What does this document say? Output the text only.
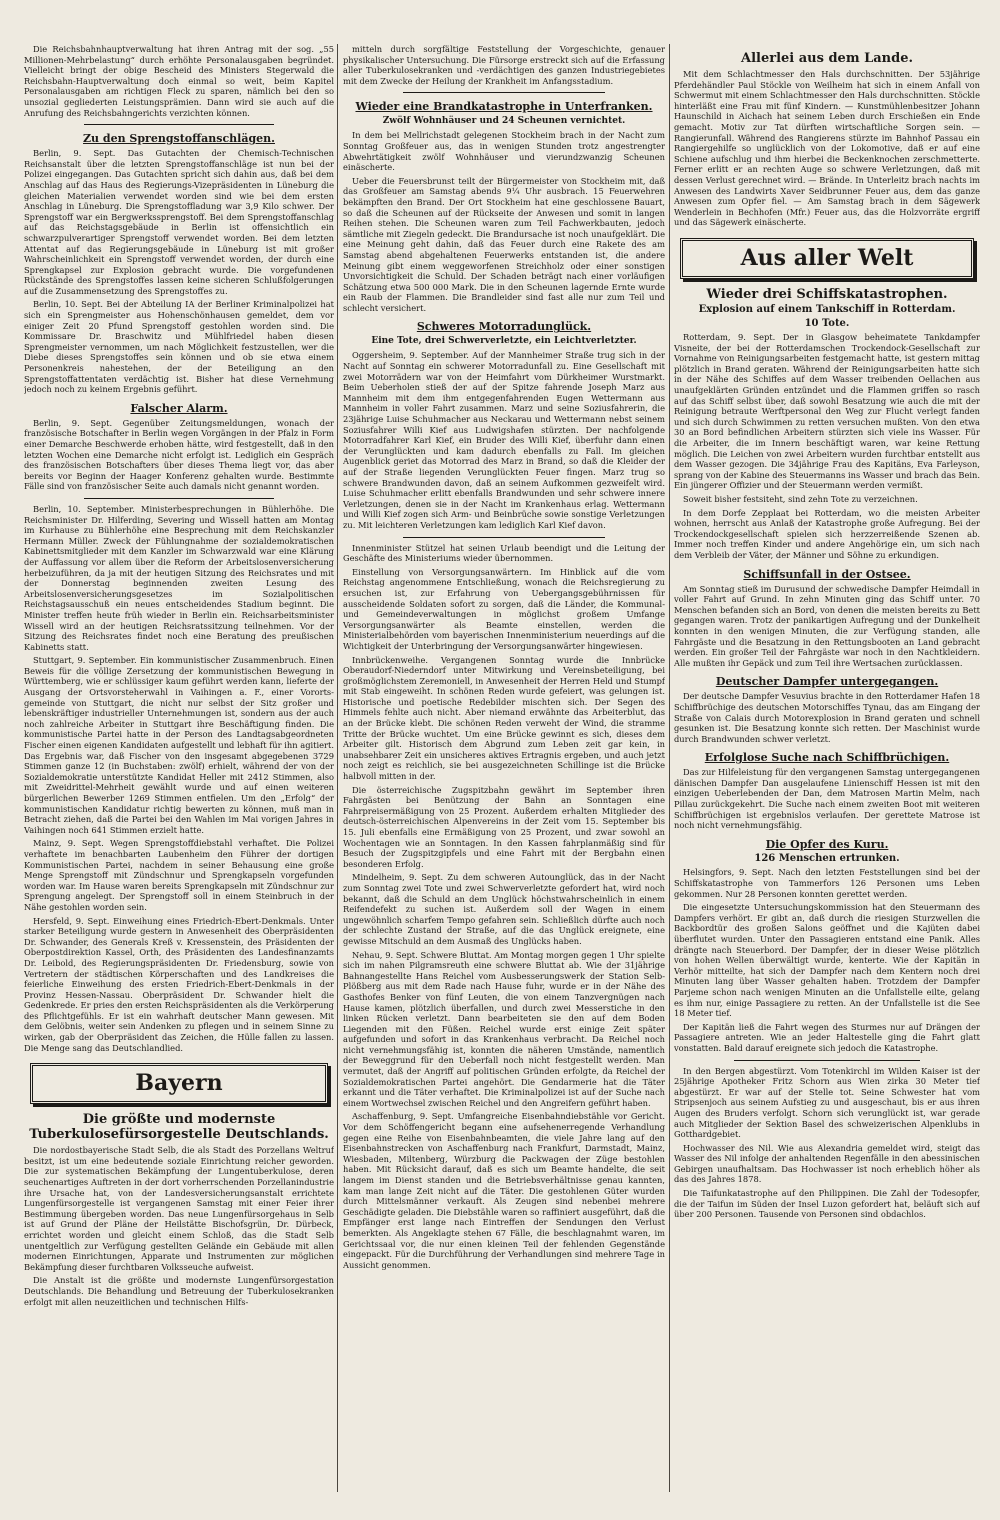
Die Reichsbahnhauptverwaltung hat ihren Antrag mit der sog. „55 Millionen-Mehrbelastung“ durch erhöhte Personalausgaben begründet. Vielleicht bringt der obige Bescheid des Ministers Stegerwald die Reichsbahn-Hauptverwaltung doch einmal so weit, beim Kapitel Personalausgaben am richtigen Fleck zu sparen, nämlich bei den so unsozial gegliederten Leistungsprämien. Dann wird sie auch auf die Anrufung des Reichsbahngerichts verzichten können.

Zu den Sprengstoffanschlägen.

Berlin, 9. Sept. Das Gutachten der Chemisch-Technischen Reichsanstalt über die letzten Sprengstoffanschläge ist nun bei der Polizei eingegangen. Das Gutachten spricht sich dahin aus, daß bei dem Anschlag auf das Haus des Regierungs-Vizepräsidenten in Lüneburg die gleichen Materialien verwendet worden sind wie bei dem ersten Anschlag in Lüneburg. Die Sprengstoffladung war 3,9 Kilo schwer. Der Sprengstoff war ein Bergwerkssprengstoff. Bei dem Sprengstoffanschlag auf das Reichstagsgebäude in Berlin ist offensichtlich ein schwarzpulverartiger Sprengstoff verwendet worden. Bei dem letzten Attentat auf das Regierungsgebäude in Lüneburg ist mit großer Wahrscheinlichkeit ein Sprengstoff verwendet worden, der durch eine Sprengkapsel zur Explosion gebracht wurde. Die vorgefundenen Rückstände des Sprengstoffes lassen keine sicheren Schlußfolgerungen auf die Zusammensetzung des Sprengstoffes zu.

Berlin, 10. Sept. Bei der Abteilung IA der Berliner Kriminalpolizei hat sich ein Sprengmeister aus Hohenschönhausen gemeldet, dem vor einiger Zeit 20 Pfund Sprengstoff gestohlen worden sind. Die Kommissare Dr. Braschwitz und Mühlfriedel haben diesen Sprengmeister vernommen, um nach Möglichkeit festzustellen, wer die Diebe dieses Sprengstoffes sein können und ob sie etwa einem Personenkreis nahestehen, der der Beteiligung an den Sprengstoffattentaten verdächtig ist. Bisher hat diese Vernehmung jedoch noch zu keinem Ergebnis geführt.

Falscher Alarm.

Berlin, 9. Sept. Gegenüber Zeitungsmeldungen, wonach der französische Botschafter in Berlin wegen Vorgängen in der Pfalz in Form einer Demarche Beschwerde erhoben hätte, wird festgestellt, daß in den letzten Wochen eine Demarche nicht erfolgt ist. Lediglich ein Gespräch des französischen Botschafters über dieses Thema liegt vor, das aber bereits vor Beginn der Haager Konferenz gehalten wurde. Bestimmte Fälle sind von französischer Seite auch damals nicht genannt worden.

Berlin, 10. September. Ministerbesprechungen in Bühlerhöhe. Die Reichsminister Dr. Hilferding, Severing und Wissell hatten am Montag im Kurhause zu Bühlerhöhe eine Besprechung mit dem Reichskanzler Hermann Müller. Zweck der Fühlungnahme der sozialdemokratischen Kabinettsmitglieder mit dem Kanzler im Schwarzwald war eine Klärung der Auffassung vor allem über die Reform der Arbeitslosenversicherung herbeizuführen, da ja mit der heutigen Sitzung des Reichsrates und mit der Donnerstag beginnenden zweiten Lesung des Arbeitslosenversicherungsgesetzes im Sozialpolitischen Reichstagsausschuß ein neues entscheidendes Stadium beginnt. Die Minister treffen heute früh wieder in Berlin ein. Reichsarbeitsminister Wissell wird an der heutigen Reichsratssitzung teilnehmen. Vor der Sitzung des Reichsrates findet noch eine Beratung des preußischen Kabinetts statt.

Stuttgart, 9. September. Ein kommunistischer Zusammenbruch. Einen Beweis für die völlige Zersetzung der kommunistischen Bewegung in Württemberg, wie er schlüssiger kaum geführt werden kann, lieferte der Ausgang der Ortsvorsteherwahl in Vaihingen a. F., einer Vororts-gemeinde von Stuttgart, die nicht nur selbst der Sitz großer und lebenskräftiger industrieller Unternehmungen ist, sondern aus der auch noch zahlreiche Arbeiter in Stuttgart ihre Beschäftigung finden. Die kommunistische Partei hatte in der Person des Landtagsabgeordneten Fischer einen eigenen Kandidaten aufgestellt und lebhaft für ihn agitiert. Das Ergebnis war, daß Fischer von den insgesamt abgegebenen 3729 Stimmen ganze 12 (in Buchstaben: zwölf) erhielt, während der von der Sozialdemokratie unterstützte Kandidat Heller mit 2412 Stimmen, also mit Zweidrittel-Mehrheit gewählt wurde und auf einen weiteren bürgerlichen Bewerber 1269 Stimmen entfielen. Um den „Erfolg“ der kommunistischen Kandidatur richtig bewerten zu können, muß man in Betracht ziehen, daß die Partei bei den Wahlen im Mai vorigen Jahres in Vaihingen noch 641 Stimmen erzielt hatte.

Mainz, 9. Sept. Wegen Sprengstoffdiebstahl verhaftet. Die Polizei verhaftete im benachbarten Laubenheim den Führer der dortigen Kommunistischen Partei, nachdem in seiner Behausung eine große Menge Sprengstoff mit Zündschnur und Sprengkapseln vorgefunden worden war. Im Hause waren bereits Sprengkapseln mit Zündschnur zur Sprengung angelegt. Der Sprengstoff soll in einem Steinbruch in der Nähe gestohlen worden sein.

Hersfeld, 9. Sept. Einweihung eines Friedrich-Ebert-Denkmals. Unter starker Beteiligung wurde gestern in Anwesenheit des Oberpräsidenten Dr. Schwander, des Generals Kreß v. Kressenstein, des Präsidenten der Oberpostdirektion Kassel, Orth, des Präsidenten des Landesfinanzamts Dr. Leibold, des Regierungspräsidenten Dr. Friedensburg, sowie von Vertretern der städtischen Körperschaften und des Landkreises die feierliche Einweihung des ersten Friedrich-Ebert-Denkmals in der Provinz Hessen-Nassau. Oberpräsident Dr. Schwander hielt die Gedenkrede. Er pries den ersten Reichspräsidenten als die Verkörperung des Pflichtgefühls. Er ist ein wahrhaft deutscher Mann gewesen. Mit dem Gelöbnis, weiter sein Andenken zu pflegen und in seinem Sinne zu wirken, gab der Oberpräsident das Zeichen, die Hülle fallen zu lassen. Die Menge sang das Deutschlandlied.

Bayern
Die größte und modernste Tuberkulosefürsorgestelle Deutschlands.

Die nordostbayerische Stadt Selb, die als Stadt des Porzellans Weltruf besitzt, ist um eine bedeutende soziale Einrichtung reicher geworden. Die zur systematischen Bekämpfung der Lungentuberkulose, deren seuchenartiges Auftreten in der dort vorherrschenden Porzellanindustrie ihre Ursache hat, von der Landesversicherungsanstalt errichtete Lungenfürsorgestelle ist vergangenen Samstag mit einer Feier ihrer Bestimmung übergeben worden. Das neue Lungenfürsorgehaus in Selb ist auf Grund der Pläne der Heilstätte Bischofsgrün, Dr. Dürbeck, errichtet worden und gleicht einem Schloß, das die Stadt Selb unentgeltlich zur Verfügung gestellten Gelände ein Gebäude mit allen modernen Einrichtungen, Apparate und Instrumenten zur möglichen Bekämpfung dieser furchtbaren Volksseuche aufweist.

Die Anstalt ist die größte und modernste Lungenfürsorgestation Deutschlands. Die Behandlung und Betreuung der Tuberkulosekranken erfolgt mit allen neuzeitlichen und technischen Hilfs-

mitteln durch sorgfältige Feststellung der Vorgeschichte, genauer physikalischer Untersuchung. Die Fürsorge erstreckt sich auf die Erfassung aller Tuberkulosekranken und -verdächtigen des ganzen Industriegebietes mit dem Zwecke der Heilung der Krankheit im Anfangsstadium.

Wieder eine Brandkatastrophe in Unterfranken.
Zwölf Wohnhäuser und 24 Scheunen vernichtet.

In dem bei Mellrichstadt gelegenen Stockheim brach in der Nacht zum Sonntag Großfeuer aus, das in wenigen Stunden trotz angestrengter Abwehrtätigkeit zwölf Wohnhäuser und vierundzwanzig Scheunen einäscherte.

Ueber die Feuersbrunst teilt der Bürgermeister von Stockheim mit, daß das Großfeuer am Samstag abends 9¼ Uhr ausbrach. 15 Feuerwehren bekämpften den Brand. Der Ort Stockheim hat eine geschlossene Bauart, so daß die Scheunen auf der Rückseite der Anwesen und somit in langen Reihen stehen. Die Scheunen waren zum Teil Fachwerkbauten, jedoch sämtliche mit Ziegeln gedeckt. Die Brandursache ist noch unaufgeklärt. Die eine Meinung geht dahin, daß das Feuer durch eine Rakete des am Samstag abend abgehaltenen Feuerwerks entstanden ist, die andere Meinung gibt einem weggeworfenen Streichholz oder einer sonstigen Unvorsichtigkeit die Schuld. Der Schaden beträgt nach einer vorläufigen Schätzung etwa 500 000 Mark. Die in den Scheunen lagernde Ernte wurde ein Raub der Flammen. Die Brandleider sind fast alle nur zum Teil und schlecht versichert.

Schweres Motorradunglück.
Eine Tote, drei Schwerverletzte, ein Leichtverletzter.

Oggersheim, 9. September. Auf der Mannheimer Straße trug sich in der Nacht auf Sonntag ein schwerer Motorradunfall zu. Eine Gesellschaft mit zwei Motorrädern war von der Heimfahrt vom Dürkheimer Wurstmarkt. Beim Ueberholen stieß der auf der Spitze fahrende Joseph Marz aus Mannheim mit dem ihm entgegenfahrenden Eugen Wettermann aus Mannheim in voller Fahrt zusammen. Marz und seine Soziusfahrerin, die 23jährige Luise Schuhmacher aus Neckarau und Wettermann nebst seinem Soziusfahrer Willi Kief aus Ludwigshafen stürzten. Der nachfolgende Motorradfahrer Karl Kief, ein Bruder des Willi Kief, überfuhr dann einen der Verunglückten und kam dadurch ebenfalls zu Fall. Im gleichen Augenblick geriet das Motorrad des Marz in Brand, so daß die Kleider der auf der Straße liegenden Verunglückten Feuer fingen. Marz trug so schwere Brandwunden davon, daß an seinem Aufkommen gezweifelt wird. Luise Schuhmacher erlitt ebenfalls Brandwunden und sehr schwere innere Verletzungen, denen sie in der Nacht im Krankenhaus erlag. Wettermann und Willi Kief zogen sich Arm- und Beinbrüche sowie sonstige Verletzungen zu. Mit leichteren Verletzungen kam lediglich Karl Kief davon.

Innenminister Stützel hat seinen Urlaub beendigt und die Leitung der Geschäfte des Ministeriums wieder übernommen.

Einstellung von Versorgungsanwärtern. Im Hinblick auf die vom Reichstag angenommene Entschließung, wonach die Reichsregierung zu ersuchen ist, zur Erfahrung von Uebergangsgebührnissen für ausscheidende Soldaten sofort zu sorgen, daß die Länder, die Kommunal- und Gemeindeverwaltungen in möglichst großem Umfange Versorgungsanwärter als Beamte einstellen, werden die Ministerialbehörden vom bayerischen Innenministerium neuerdings auf die Wichtigkeit der Unterbringung der Versorgungsanwärter hingewiesen.

Innbrückenweihe. Vergangenen Sonntag wurde die Innbrücke Oberaudorf-Niederndorf unter Mitwirkung und Vereinsbeteiligung, bei großmöglichstem Zeremoniell, in Anwesenheit der Herren Held und Stumpf mit Stab eingeweiht. In schönen Reden wurde gefeiert, was gelungen ist. Historische und poetische Redebilder mischten sich. Der Segen des Himmels fehlte auch nicht. Aber niemand erwähnte das Arbeiterblut, das an der Brücke klebt. Die schönen Reden verweht der Wind, die stramme Tritte der Brücke wuchtet. Um eine Brücke gewinnt es sich, dieses dem Arbeiter gilt. Historisch dem Abgrund zum Leben zeit gar kein, in unabsehbarer Zeit ein unsicheres aktives Ertragnis ergeben, und auch jetzt noch zeigt es reichlich, sie bei ausgezeichneten Schillinge ist die Brücke halbvoll mitten in der.

Die österreichische Zugspitzbahn gewährt im September ihren Fahrgästen bei Benützung der Bahn an Sonntagen eine Fahrpreisermäßigung von 25 Prozent. Außerdem erhalten Mitglieder des deutsch-österreichischen Alpenvereins in der Zeit vom 15. September bis 15. Juli ebenfalls eine Ermäßigung von 25 Prozent, und zwar sowohl an Wochentagen wie an Sonntagen. In den Kassen fahrplanmäßig sind für Besuch der Zugspitzgipfels und eine Fahrt mit der Bergbahn einen besonderen Erfolg.

Mindelheim, 9. Sept. Zu dem schweren Autounglück, das in der Nacht zum Sonntag zwei Tote und zwei Schwerverletzte gefordert hat, wird noch bekannt, daß die Schuld an dem Unglück höchstwahrscheinlich in einem Reifendefekt zu suchen ist. Außerdem soll der Wagen in einem ungewöhnlich scharfem Tempo gefahren sein. Schließlich dürfte auch noch der schlechte Zustand der Straße, auf die das Unglück ereignete, eine gewisse Mitschuld an dem Ausmaß des Unglücks haben.

Nehau, 9. Sept. Schwere Bluttat. Am Montag morgen gegen 1 Uhr spielte sich im nahen Pilgramsreuth eine schwere Bluttat ab. Wie der 31jährige Bahnangestellte Hans Reichel vom Ausbesserungswerk der Station Selb-Plößberg aus mit dem Rade nach Hause fuhr, wurde er in der Nähe des Gasthofes Benker von fünf Leuten, die von einem Tanzvergnügen nach Hause kamen, plötzlich überfallen, und durch zwei Messerstiche in den linken Rücken verletzt. Dann bearbeiteten sie den auf dem Boden Liegenden mit den Füßen. Reichel wurde erst einige Zeit später aufgefunden und sofort in das Krankenhaus verbracht. Da Reichel noch nicht vernehmungsfähig ist, konnten die näheren Umstände, namentlich der Beweggrund für den Ueberfall noch nicht festgestellt werden. Man vermutet, daß der Angriff auf politischen Gründen erfolgte, da Reichel der Sozialdemokratischen Partei angehört. Die Gendarmerie hat die Täter erkannt und die Täter verhaftet. Die Kriminalpolizei ist auf der Suche nach einem Wortwechsel zwischen Reichel und den Angreifern geführt haben.

Aschaffenburg, 9. Sept. Umfangreiche Eisenbahndiebstähle vor Gericht. Vor dem Schöffengericht begann eine aufsehenerregende Verhandlung gegen eine Reihe von Eisenbahnbeamten, die viele Jahre lang auf den Eisenbahnstrecken von Aschaffenburg nach Frankfurt, Darmstadt, Mainz, Wiesbaden, Miltenberg, Würzburg die Packwagen der Züge bestohlen haben. Mit Rücksicht darauf, daß es sich um Beamte handelte, die seit langem im Dienst standen und die Betriebsverhältnisse genau kannten, kam man lange Zeit nicht auf die Täter. Die gestohlenen Güter wurden durch Mittelsmänner verkauft. Als Zeugen sind nebenbei mehrere Geschädigte geladen. Die Diebstähle waren so raffiniert ausgeführt, daß die Empfänger erst lange nach Eintreffen der Sendungen den Verlust bemerkten. Als Angeklagte stehen 67 Fälle, die beschlagnahmt waren, im Gerichtssaal vor, die nur einen kleinen Teil der fehlenden Gegenstände eingepackt. Für die Durchführung der Verhandlungen sind mehrere Tage in Aussicht genommen.

Allerlei aus dem Lande.

Mit dem Schlachtmesser den Hals durchschnitten. Der 53jährige Pferdehändler Paul Stöckle von Weilheim hat sich in einem Anfall von Schwermut mit einem Schlachtmesser den Hals durchschnitten. Stöckle hinterläßt eine Frau mit fünf Kindern. — Kunstmühlenbesitzer Johann Haunschild in Aichach hat seinem Leben durch Erschießen ein Ende gemacht. Motiv zur Tat dürften wirtschaftliche Sorgen sein. — Rangierunfall. Während des Rangierens stürzte im Bahnhof Passau ein Rangiergehilfe so unglücklich von der Lokomotive, daß er auf eine Schiene aufschlug und ihm hierbei die Beckenknochen zerschmetterte. Ferner erlitt er an rechten Auge so schwere Verletzungen, daß mit dessen Verlust gerechnet wird. — Brände. In Unterleitz brach nachts im Anwesen des Landwirts Xaver Seidbrunner Feuer aus, dem das ganze Anwesen zum Opfer fiel. — Am Samstag brach in dem Sägewerk Wenderlein in Bechhofen (Mfr.) Feuer aus, das die Holzvorräte ergriff und das Sägewerk einäscherte.

Aus aller Welt
Wieder drei Schiffskatastrophen.
Explosion auf einem Tankschiff in Rotterdam.
10 Tote.

Rotterdam, 9. Sept. Der in Glasgow beheimatete Tankdampfer Visneite, der bei der Rotterdamschen Trockendock-Gesellschaft zur Vornahme von Reinigungsarbeiten festgemacht hatte, ist gestern mittag plötzlich in Brand geraten. Während der Reinigungsarbeiten hatte sich in der Nähe des Schiffes auf dem Wasser treibenden Oellachen aus unaufgeklärten Gründen entzündet und die Flammen griffen so rasch auf das Schiff selbst über, daß sowohl Besatzung wie auch die mit der Reinigung betraute Werftpersonal den Weg zur Flucht verlegt fanden und sich durch Schwimmen zu retten versuchen mußten. Von den etwa 30 an Bord befindlichen Arbeitern stürzten sich viele ins Wasser. Für die Arbeiter, die im Innern beschäftigt waren, war keine Rettung möglich. Die Leichen von zwei Arbeitern wurden furchtbar entstellt aus dem Wasser gezogen. Die 34jährige Frau des Kapitäns, Eva Farleyson, sprang von der Kabine des Steuermanns ins Wasser und brach das Bein. Ein jüngerer Offizier und der Steuermann werden vermißt.

Soweit bisher festsiteht, sind zehn Tote zu verzeichnen.

In dem Dorfe Zepplaat bei Rotterdam, wo die meisten Arbeiter wohnen, herrscht aus Anlaß der Katastrophe große Aufregung. Bei der Trockendockgesellschaft spielen sich herzzerreißende Szenen ab. Immer noch treffen Kinder und andere Angehörige ein, um sich nach dem Verbleib der Väter, der Männer und Söhne zu erkundigen.

Schiffsunfall in der Ostsee.

Am Sonntag stieß im Durusund der schwedische Dampfer Heimdall in voller Fahrt auf Grund. In zehn Minuten ging das Schiff unter. 70 Menschen befanden sich an Bord, von denen die meisten bereits zu Bett gegangen waren. Trotz der panikartigen Aufregung und der Dunkelheit konnten in den wenigen Minuten, die zur Verfügung standen, alle Fahrgäste und die Besatzung in den Rettungsbooten an Land gebracht werden. Ein großer Teil der Fahrgäste war noch in den Nachtkleidern. Alle mußten ihr Gepäck und zum Teil ihre Wertsachen zurücklassen.

Deutscher Dampfer untergegangen.

Der deutsche Dampfer Vesuvius brachte in den Rotterdamer Hafen 18 Schiffbrüchige des deutschen Motorschiffes Tynau, das am Eingang der Straße von Calais durch Motorexplosion in Brand geraten und schnell gesunken ist. Die Besatzung konnte sich retten. Der Maschinist wurde durch Brandwunden schwer verletzt.

Erfolglose Suche nach Schiffbrüchigen.

Das zur Hilfeleistung für den vergangenen Samstag untergegangenen dänischen Dampfer Dan ausgelaufene Linienschiff Hessen ist mit den einzigen Ueberlebenden der Dan, dem Matrosen Martin Melm, nach Pillau zurückgekehrt. Die Suche nach einem zweiten Boot mit weiteren Schiffbrüchigen ist ergebnislos verlaufen. Der gerettete Matrose ist noch nicht vernehmungsfähig.

Die Opfer des Kuru.
126 Menschen ertrunken.

Helsingfors, 9. Sept. Nach den letzten Feststellungen sind bei der Schiffskatastrophe von Tammerfors 126 Personen ums Leben gekommen. Nur 28 Personen konnten gerettet werden.

Die eingesetzte Untersuchungskommission hat den Steuermann des Dampfers verhört. Er gibt an, daß durch die riesigen Sturzwellen die Backbordtür des großen Salons geöffnet und die Kajüten dabei überflutet wurden. Unter den Passagieren entstand eine Panik. Alles drängte nach Steuerbord. Der Dampfer, der in dieser Weise plötzlich von hohen Wellen überwältigt wurde, kenterte. Wie der Kapitän in Verhör mitteilte, hat sich der Dampfer nach dem Kentern noch drei Minuten lang über Wasser gehalten haben. Trotzdem der Dampfer Parjeme schon nach wenigen Minuten an die Unfallstelle eilte, gelang es ihm nur, einige Passagiere zu retten. An der Unfallstelle ist die See 18 Meter tief.

Der Kapitän ließ die Fahrt wegen des Sturmes nur auf Drängen der Passagiere antreten. Wie an jeder Haltestelle ging die Fahrt glatt vonstatten. Bald darauf ereignete sich jedoch die Katastrophe.

In den Bergen abgestürzt. Vom Totenkirchl im Wilden Kaiser ist der 25jährige Apotheker Fritz Schorn aus Wien zirka 30 Meter tief abgestürzt. Er war auf der Stelle tot. Seine Schwester hat vom Stripsenjoch aus seinem Aufstieg zu und ausgeschaut, bis er aus ihren Augen des Bruders verfolgt. Schorn sich verunglückt ist, war gerade auch Mitglieder der Sektion Basel des schweizerischen Alpenklubs in Gotthardgebiet.

Hochwasser des Nil. Wie aus Alexandria gemeldet wird, steigt das Wasser des Nil infolge der anhaltenden Regenfälle in den abessinischen Gebirgen unaufhaltsam. Das Hochwasser ist noch erheblich höher als das des Jahres 1878.

Die Taifunkatastrophe auf den Philippinen. Die Zahl der Todesopfer, die der Taifun im Süden der Insel Luzon gefordert hat, beläuft sich auf über 200 Personen. Tausende von Personen sind obdachlos.
